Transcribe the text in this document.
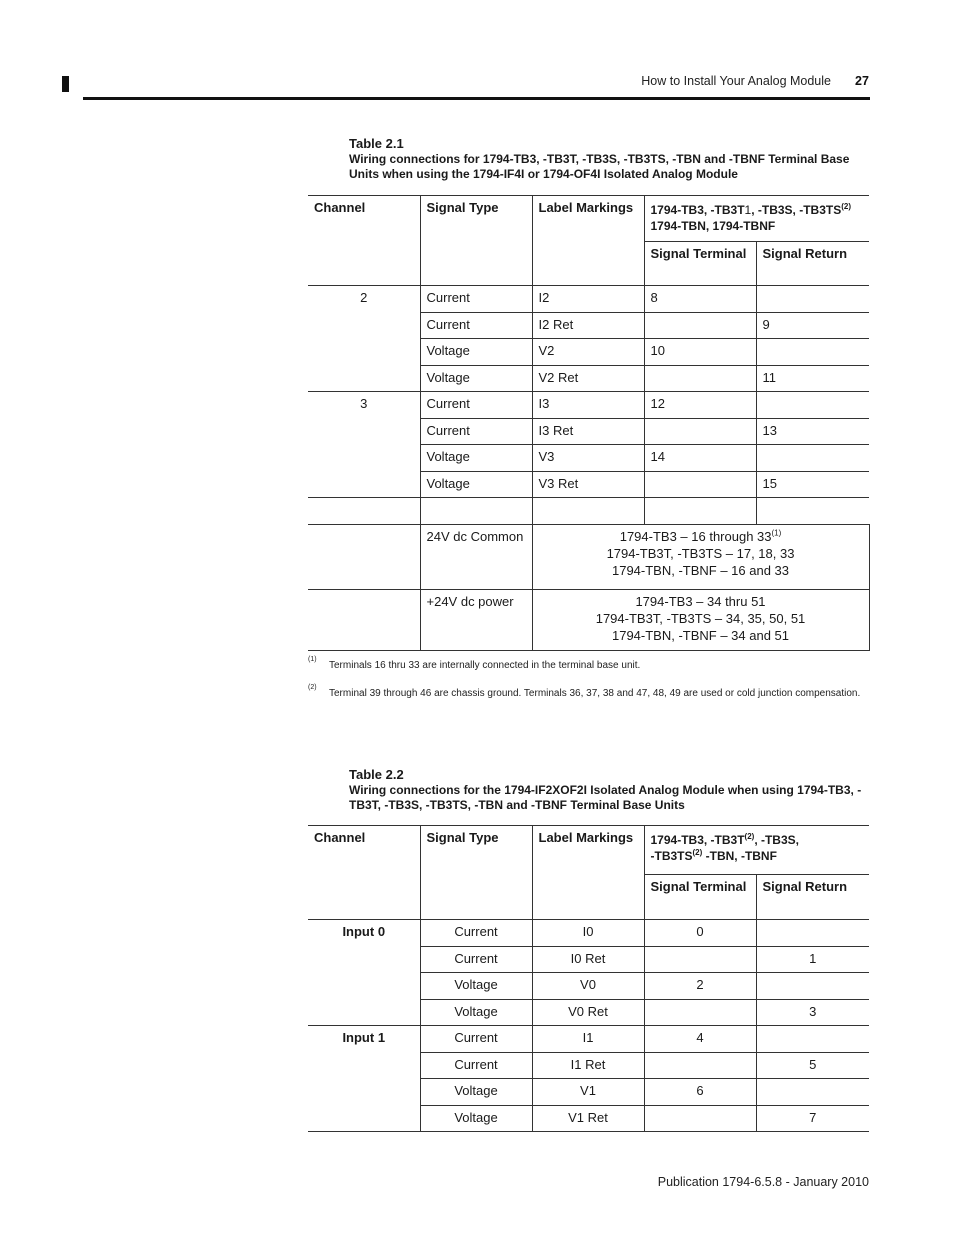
How to Install Your Analog Module 27
Table 2.1
Wiring connections for 1794-TB3, -TB3T, -TB3S, -TB3TS, -TBN and -TBNF Terminal Base Units when using the 1794-IF4I or 1794-OF4I Isolated Analog Module
Channel	Signal Type	Label Markings	1794-TB3, -TB3T1, -TB3S, -TB3TS$^{(2)}$
1794-TBN, 1794-TBNF	
			Signal Terminal	Signal Return
2	Current	I2	8	
	Current	I2 Ret		9
	Voltage	V2	10	
	Voltage	V2 Ret		11
3	Current	I3	12	
	Current	I3 Ret		13
	Voltage	V3	14	
	Voltage	V3 Ret		15

	24V dc Common	1794-TB3 – 16 through 33$^{(1)}$
1794-TB3T, -TB3TS – 17, 18, 33
1794-TBN, -TBNF – 16 and 33		
	+24V dc power	1794-TB3 – 34 thru 51
1794-TB3T, -TB3TS – 34, 35, 50, 51
1794-TBN, -TBNF – 34 and 51		
(1)
Terminals 16 thru 33 are internally connected in the terminal base unit.
(2)
Terminal 39 through 46 are chassis ground. Terminals 36, 37, 38 and 47, 48, 49 are used or cold junction compensation.
Table 2.2
Wiring connections for the 1794-IF2XOF2I Isolated Analog Module when using 1794-TB3, -TB3T, -TB3S, -TB3TS, -TBN and -TBNF Terminal Base Units
Channel	Signal Type	Label Markings	1794-TB3, $-TB3T^{(2)}$, -TB3S,
-TB3TS$^{(2)}$ -TBN, -TBNF	
			Signal Terminal	Signal Return
Input 0	Current	I0	0	
	Current	I0 Ret		1
	Voltage	V0	2	
	Voltage	V0 Ret		3
Input 1	Current	I1	4	
	Current	I1 Ret		5
	Voltage	V1	6	
	Voltage	V1 Ret		7
Publication 1794-6.5.8 - January 2010
